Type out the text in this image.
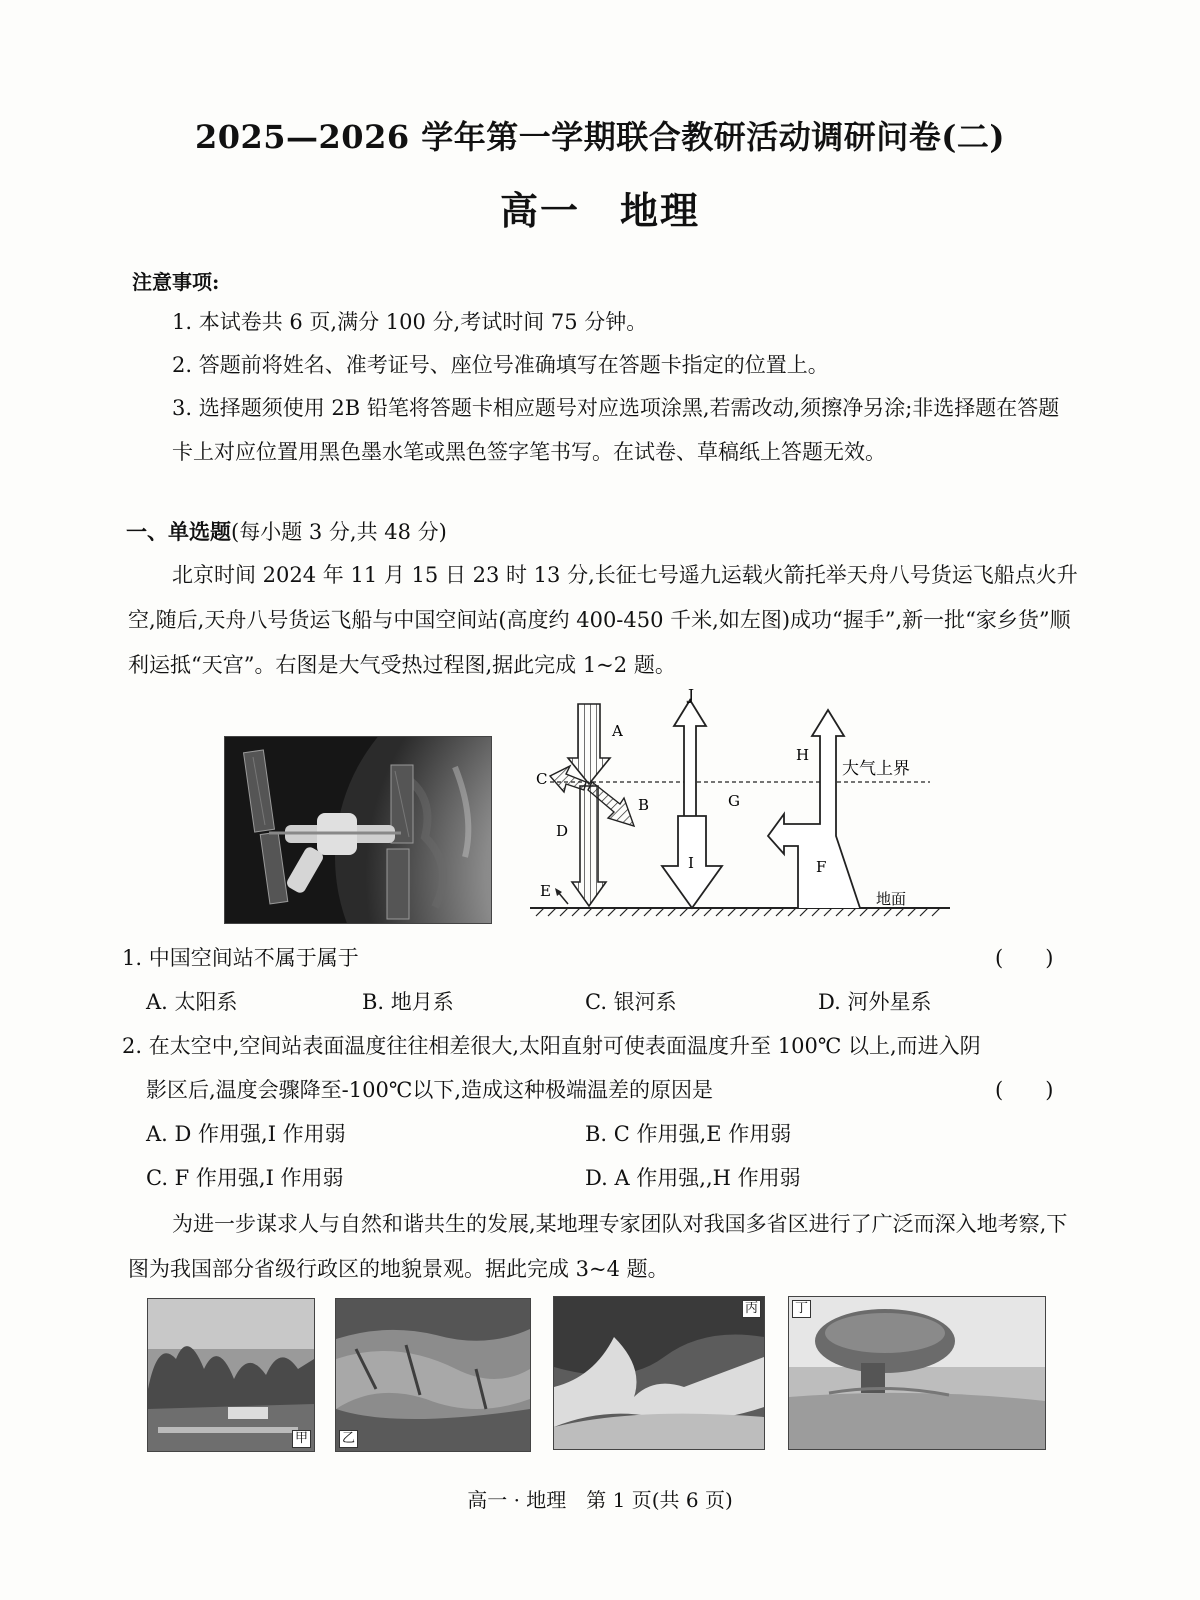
2025—2026 学年第一学期联合教研活动调研问卷(二)
高一　地理
注意事项:
1. 本试卷共 6 页,满分 100 分,考试时间 75 分钟。
2. 答题前将姓名、准考证号、座位号准确填写在答题卡指定的位置上。
3. 选择题须使用 2B 铅笔将答题卡相应题号对应选项涂黑,若需改动,须擦净另涂;非选择题在答题卡上对应位置用黑色墨水笔或黑色签字笔书写。在试卷、草稿纸上答题无效。
一、单选题(每小题 3 分,共 48 分)
北京时间 2024 年 11 月 15 日 23 时 13 分,长征七号遥九运载火箭托举天舟八号货运飞船点火升空,随后,天舟八号货运飞船与中国空间站(高度约 400-450 千米,如左图)成功“握手”,新一批“家乡货”顺利运抵“天宫”。右图是大气受热过程图,据此完成 1~2 题。
A
C
B
D
E
J
I
G
H
F
大气上界
地面
1. 中国空间站不属于属于	(　　)
A. 太阳系	B. 地月系	C. 银河系	D. 河外星系
2. 在太空中,空间站表面温度往往相差很大,太阳直射可使表面温度升至 100℃ 以上,而进入阴
影区后,温度会骤降至-100℃以下,造成这种极端温差的原因是	(　　)
A. D 作用强,I 作用弱	B. C 作用强,E 作用弱
C. F 作用强,I 作用弱	D. A 作用强,,H 作用弱
为进一步谋求人与自然和谐共生的发展,某地理专家团队对我国多省区进行了广泛而深入地考察,下图为我国部分省级行政区的地貌景观。据此完成 3~4 题。
甲	乙
丙	丁
高一 · 地理　第 1 页(共 6 页)
